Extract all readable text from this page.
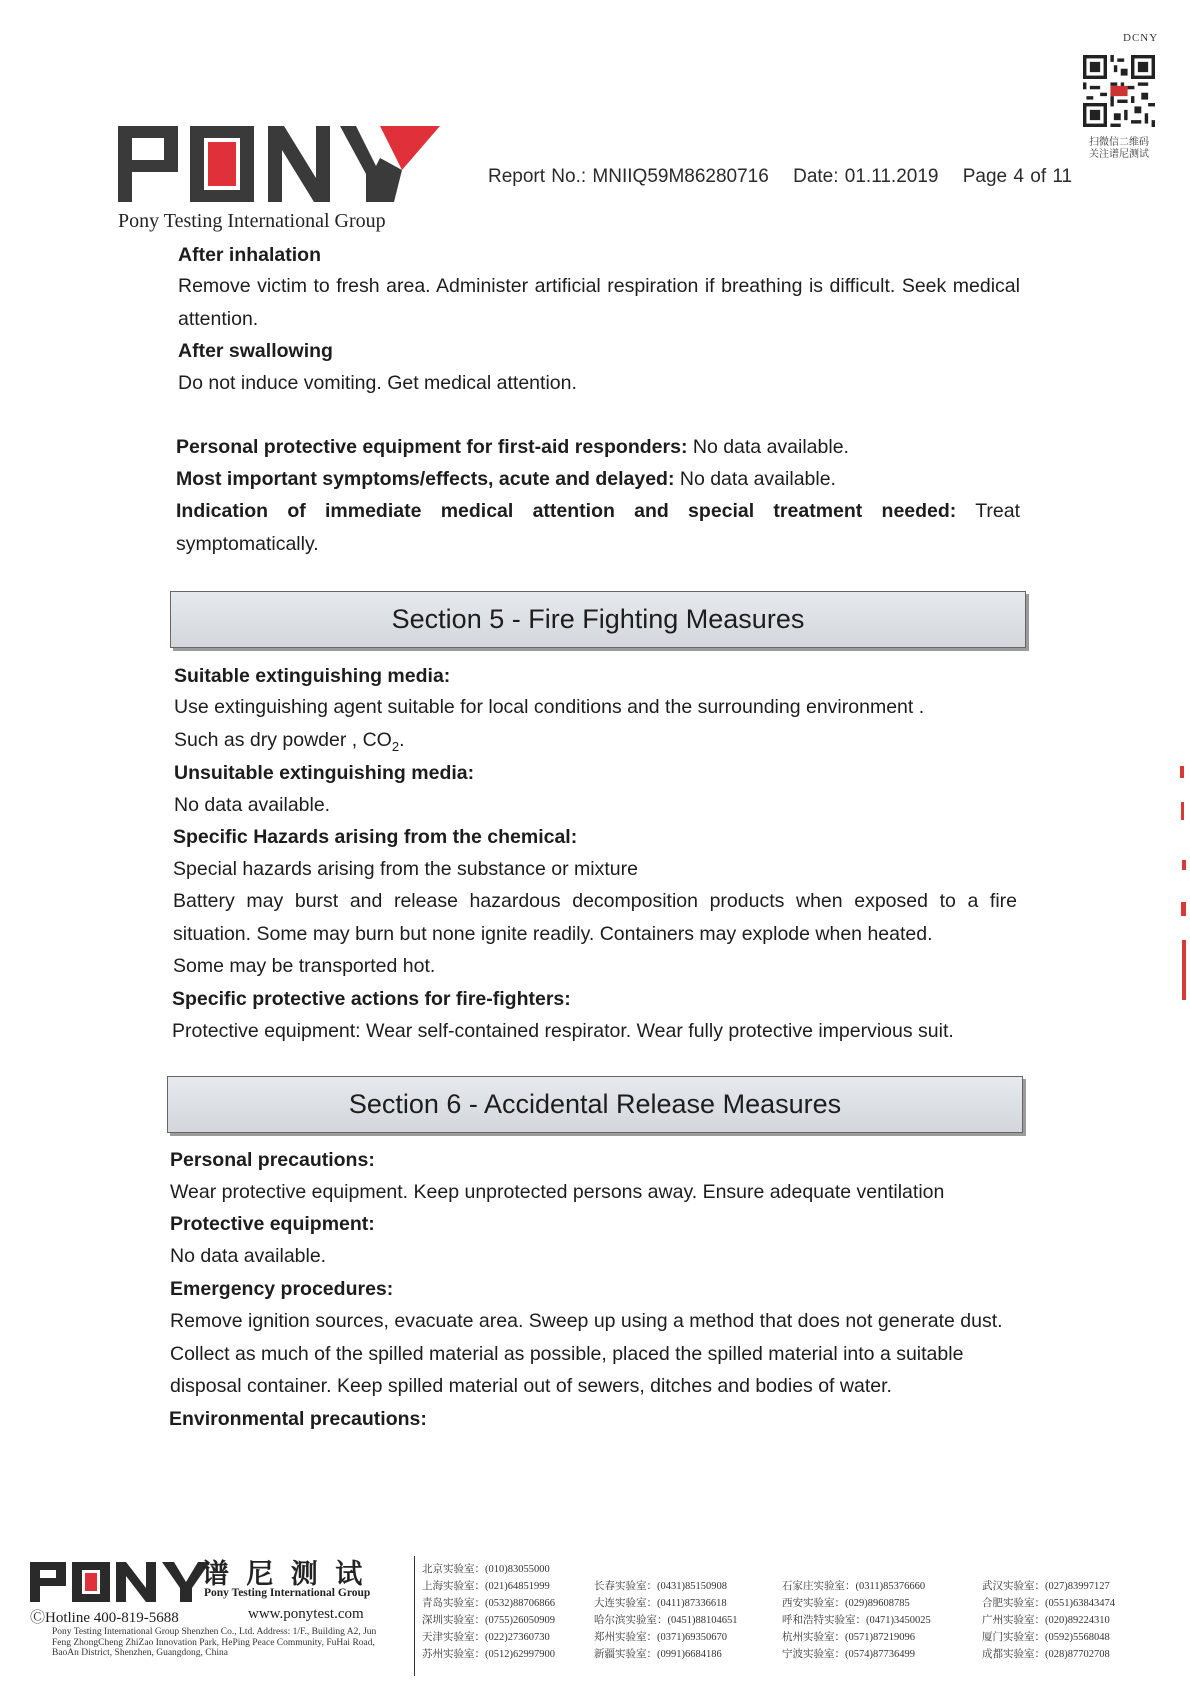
DCNY
扫微信二维码
关注谱尼测试
Pony Testing International Group
Report No.: MNIIQ59M86280716 Date: 01.11.2019 Page 4 of 11
After inhalation
Remove victim to fresh area. Administer artificial respiration if breathing is difficult. Seek medical attention.
After swallowing
Do not induce vomiting. Get medical attention.
Personal protective equipment for first-aid responders: No data available.
Most important symptoms/effects, acute and delayed: No data available.
Indication of immediate medical attention and special treatment needed: Treat symptomatically.
Section 5 - Fire Fighting Measures
Suitable extinguishing media:
Use extinguishing agent suitable for local conditions and the surrounding environment .
Such as dry powder , $CO_2$.
Unsuitable extinguishing media:
No data available.
Specific Hazards arising from the chemical:
Special hazards arising from the substance or mixture
Battery may burst and release hazardous decomposition products when exposed to a fire situation. Some may burn but none ignite readily. Containers may explode when heated.
Some may be transported hot.
Specific protective actions for fire-fighters:
Protective equipment: Wear self-contained respirator. Wear fully protective impervious suit.
Section 6 - Accidental Release Measures
Personal precautions:
Wear protective equipment. Keep unprotected persons away. Ensure adequate ventilation
Protective equipment:
No data available.
Emergency procedures:
Remove ignition sources, evacuate area. Sweep up using a method that does not generate dust. Collect as much of the spilled material as possible, placed the spilled material into a suitable disposal container. Keep spilled material out of sewers, ditches and bodies of water.
Environmental precautions:
谱 尼 测 试
Pony Testing International Group
ⒸHotline 400-819-5688	www.ponytest.com
Pony Testing International Group Shenzhen Co., Ltd. Address: 1/F., Building A2, Jun Feng ZhongCheng ZhiZao Innovation Park, HePing Peace Community, FuHai Road, BaoAn District, Shenzhen, Guangdong, China
北京实验室：(010)83055000
上海实验室：(021)64851999	长春实验室：(0431)85150908	石家庄实验室：(0311)85376660	武汉实验室：(027)83997127
青岛实验室：(0532)88706866	大连实验室：(0411)87336618	西安实验室：(029)89608785	合肥实验室：(0551)63843474
深圳实验室：(0755)26050909	哈尔滨实验室：(0451)88104651	呼和浩特实验室：(0471)3450025	广州实验室：(020)89224310
天津实验室：(022)27360730	郑州实验室：(0371)69350670	杭州实验室：(0571)87219096	厦门实验室：(0592)5568048
苏州实验室：(0512)62997900	新疆实验室：(0991)6684186	宁波实验室：(0574)87736499	成都实验室：(028)87702708
